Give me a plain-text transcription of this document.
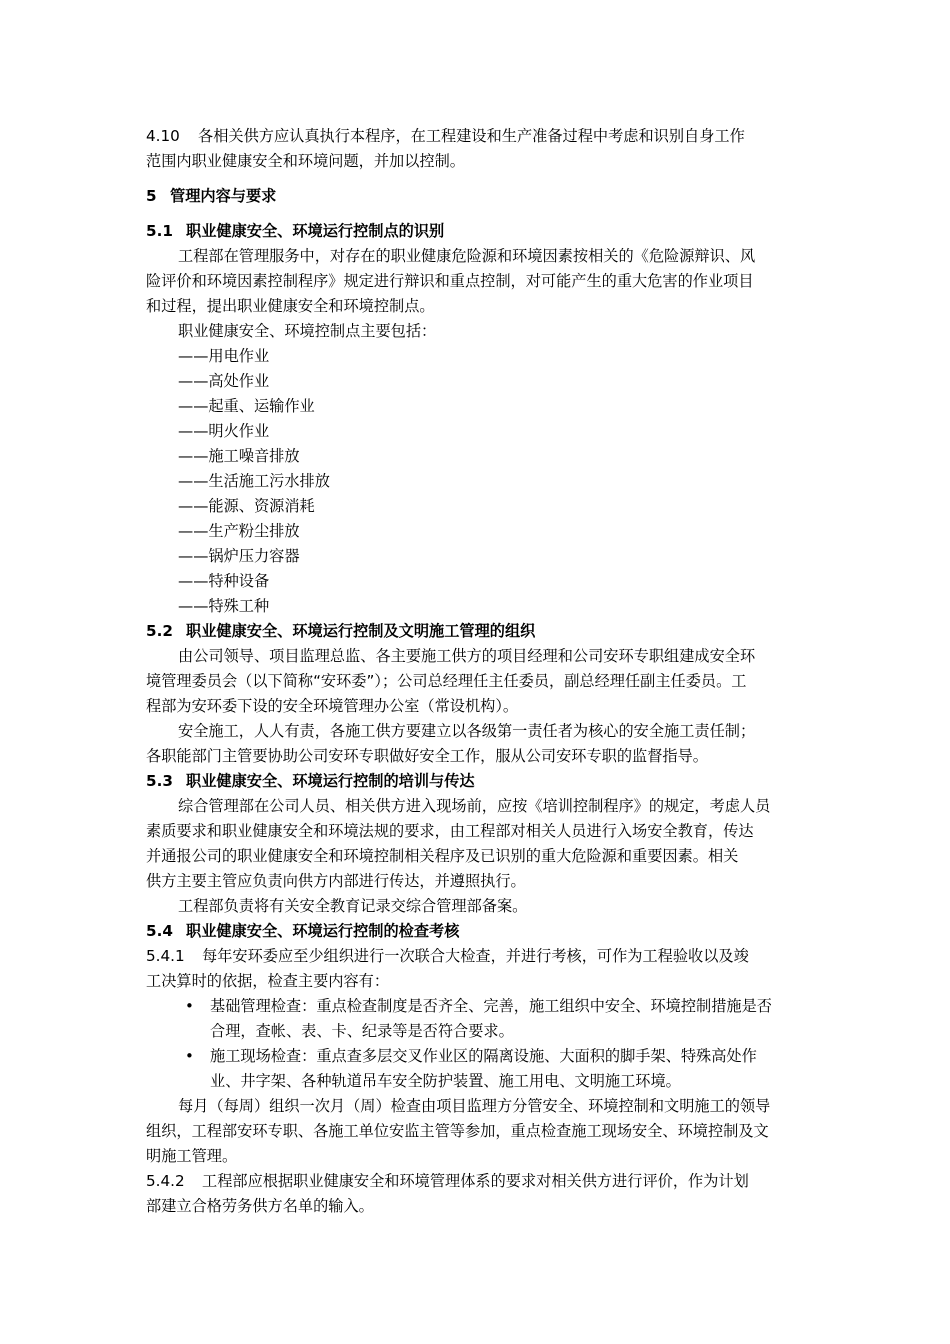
4.10 各相关供方应认真执行本程序，在工程建设和生产准备过程中考虑和识别自身工作
范围内职业健康安全和环境问题，并加以控制。
5 管理内容与要求
5.1 职业健康安全、环境运行控制点的识别
工程部在管理服务中，对存在的职业健康危险源和环境因素按相关的《危险源辩识、风
险评价和环境因素控制程序》规定进行辩识和重点控制，对可能产生的重大危害的作业项目
和过程，提出职业健康安全和环境控制点。
职业健康安全、环境控制点主要包括：
——用电作业
——高处作业
——起重、运输作业
——明火作业
——施工噪音排放
——生活施工污水排放
——能源、资源消耗
——生产粉尘排放
——锅炉压力容器
——特种设备
——特殊工种
5.2 职业健康安全、环境运行控制及文明施工管理的组织
由公司领导、项目监理总监、各主要施工供方的项目经理和公司安环专职组建成安全环
境管理委员会（以下简称“安环委”）；公司总经理任主任委员，副总经理任副主任委员。工
程部为安环委下设的安全环境管理办公室（常设机构）。
安全施工，人人有责，各施工供方要建立以各级第一责任者为核心的安全施工责任制；
各职能部门主管要协助公司安环专职做好安全工作，服从公司安环专职的监督指导。
5.3 职业健康安全、环境运行控制的培训与传达
综合管理部在公司人员、相关供方进入现场前，应按《培训控制程序》的规定，考虑人员
素质要求和职业健康安全和环境法规的要求，由工程部对相关人员进行入场安全教育，传达
并通报公司的职业健康安全和环境控制相关程序及已识别的重大危险源和重要因素。相关
供方主要主管应负责向供方内部进行传达，并遵照执行。
工程部负责将有关安全教育记录交综合管理部备案。
5.4 职业健康安全、环境运行控制的检查考核
5.4.1 每年安环委应至少组织进行一次联合大检查，并进行考核，可作为工程验收以及竣
工决算时的依据，检查主要内容有：
• 基础管理检查：重点检查制度是否齐全、完善，施工组织中安全、环境控制措施是否
合理，查帐、表、卡、纪录等是否符合要求。
• 施工现场检查：重点查多层交叉作业区的隔离设施、大面积的脚手架、特殊高处作
业、井字架、各种轨道吊车安全防护装置、施工用电、文明施工环境。
每月（每周）组织一次月（周）检查由项目监理方分管安全、环境控制和文明施工的领导
组织，工程部安环专职、各施工单位安监主管等参加，重点检查施工现场安全、环境控制及文
明施工管理。
5.4.2 工程部应根据职业健康安全和环境管理体系的要求对相关供方进行评价，作为计划
部建立合格劳务供方名单的输入。
